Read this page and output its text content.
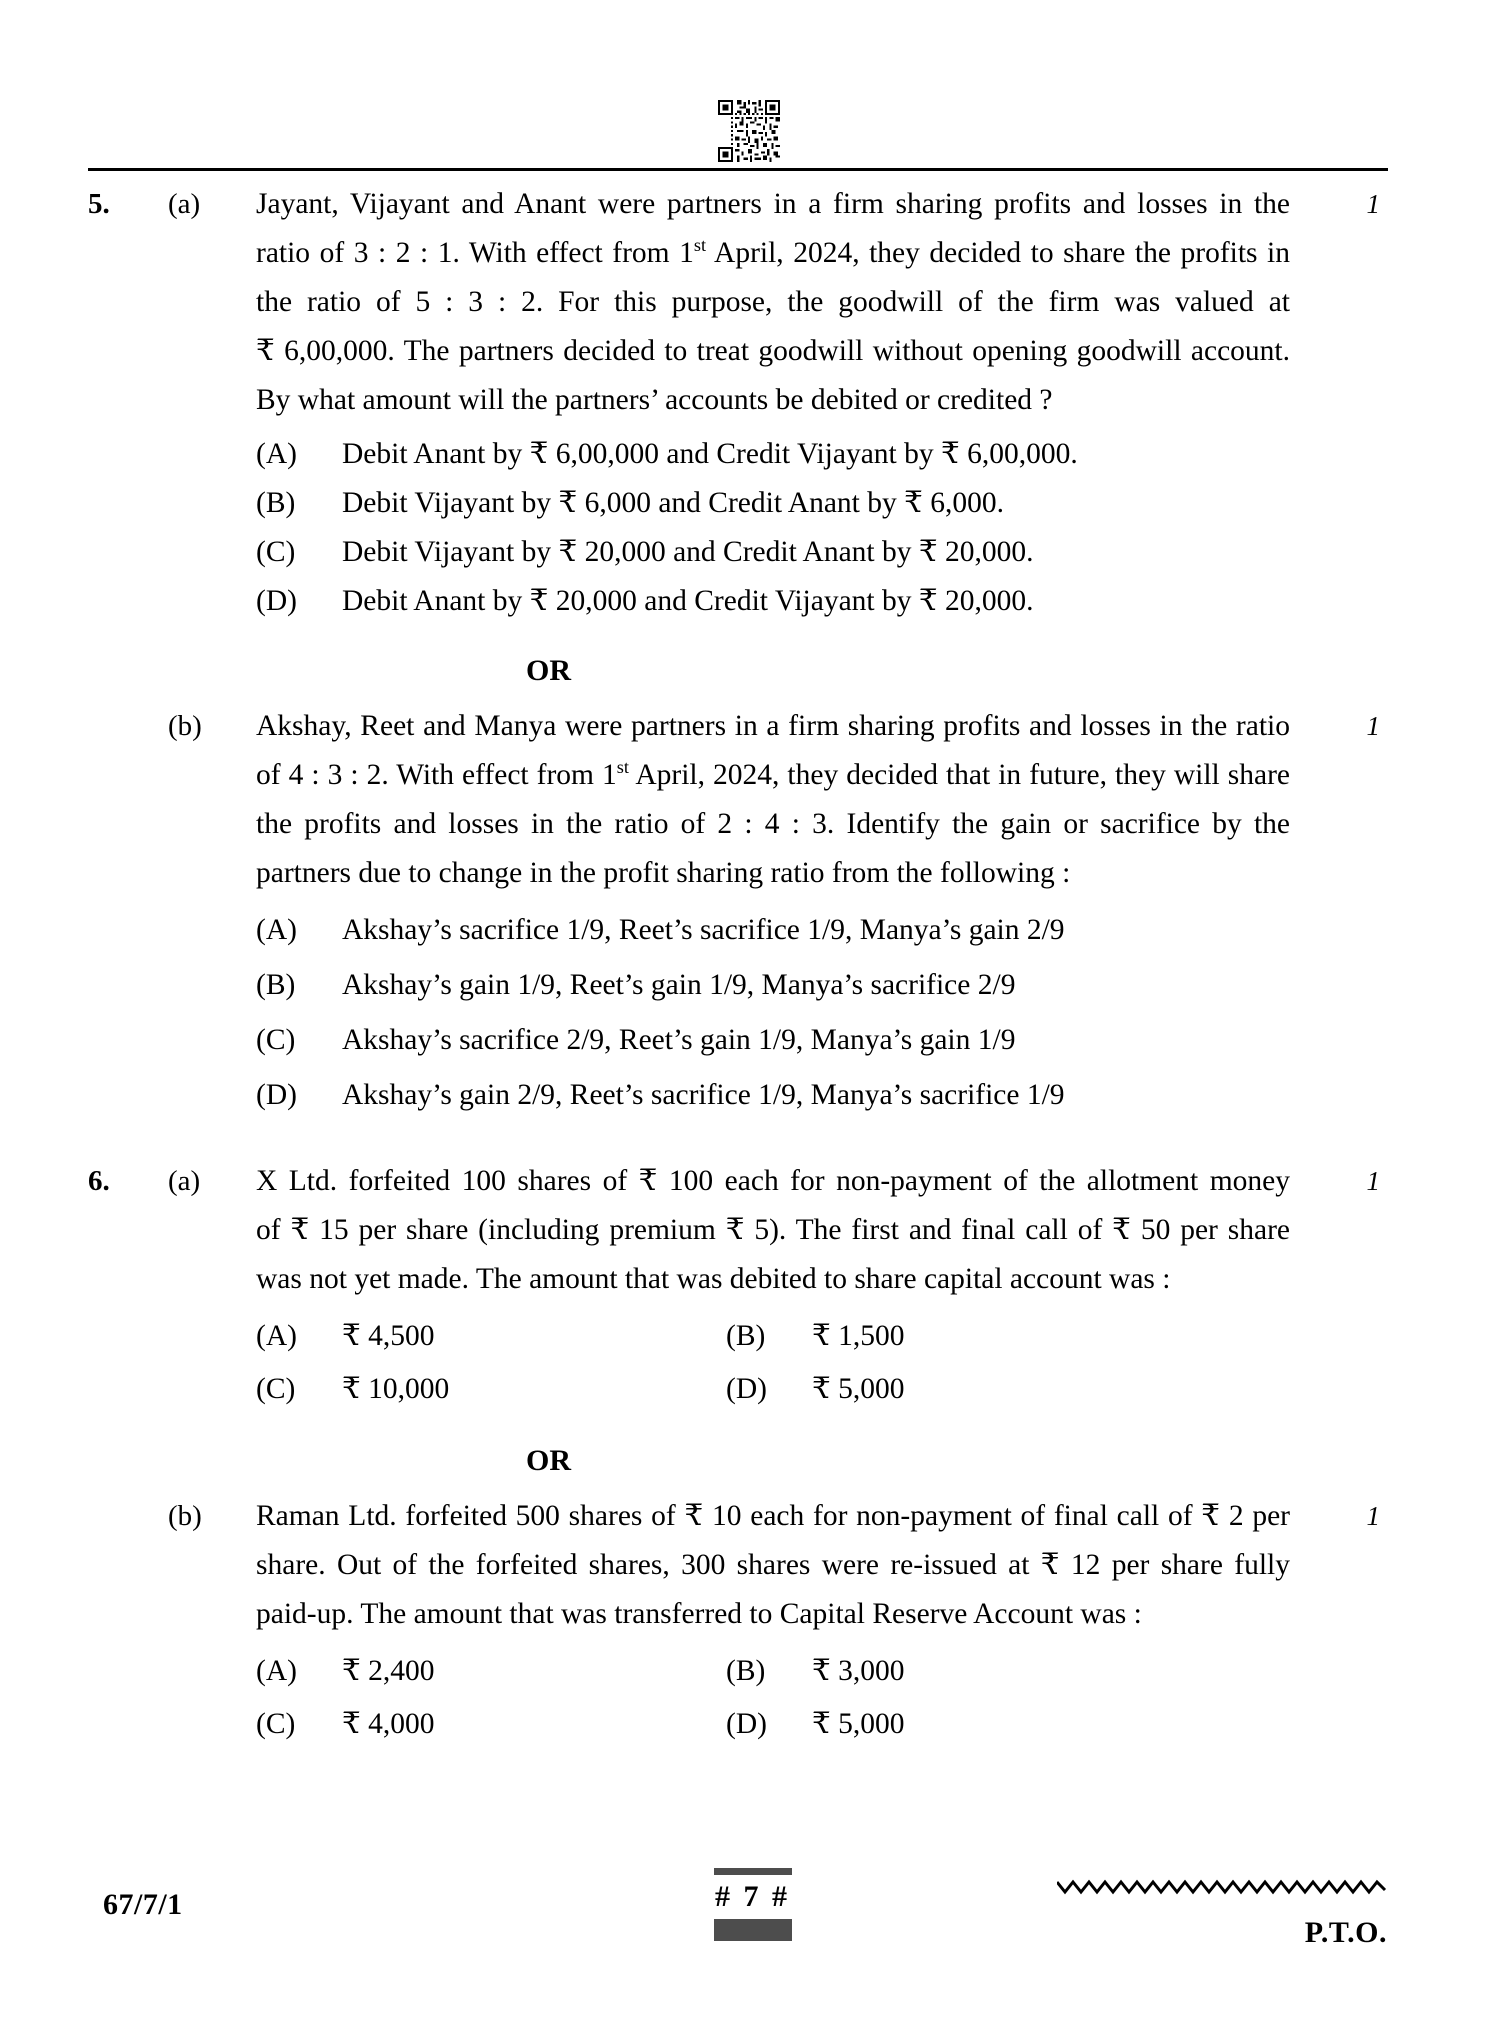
5.	(a)	Jayant, Vijayant and Anant were partners in a firm sharing profits and losses in the ratio of 3 : 2 : 1. With effect from 1st April, 2024, they decided to share the profits in the ratio of 5 : 3 : 2. For this purpose, the goodwill of the firm was valued at ₹ 6,00,000. The partners decided to treat goodwill without opening goodwill account. By what amount will the partners’ accounts be debited or credited ?

1
(A)	Debit Anant by ₹ 6,00,000 and Credit Vijayant by ₹ 6,00,000.
(B)	Debit Vijayant by ₹ 6,000 and Credit Anant by ₹ 6,000.
(C)	Debit Vijayant by ₹ 20,000 and Credit Anant by ₹ 20,000.
(D)	Debit Anant by ₹ 20,000 and Credit Vijayant by ₹ 20,000.
OR
(b)	Akshay, Reet and Manya were partners in a firm sharing profits and losses in the ratio of 4 : 3 : 2. With effect from 1st April, 2024, they decided that in future, they will share the profits and losses in the ratio of 2 : 4 : 3. Identify the gain or sacrifice by the partners due to change in the profit sharing ratio from the following :

1
(A)	Akshay’s sacrifice 1/9, Reet’s sacrifice 1/9, Manya’s gain 2/9
(B)	Akshay’s gain 1/9, Reet’s gain 1/9, Manya’s sacrifice 2/9
(C)	Akshay’s sacrifice 2/9, Reet’s gain 1/9, Manya’s gain 1/9
(D)	Akshay’s gain 2/9, Reet’s sacrifice 1/9, Manya’s sacrifice 1/9
6.	(a)	X Ltd. forfeited 100 shares of ₹ 100 each for non-payment of the allotment money of ₹ 15 per share (including premium ₹ 5). The first and final call of ₹ 50 per share was not yet made. The amount that was debited to share capital account was :

1
(A)	₹ 4,500	(B)	₹ 1,500
(C)	₹ 10,000	(D)	₹ 5,000
OR
(b)	Raman Ltd. forfeited 500 shares of ₹ 10 each for non-payment of final call of ₹ 2 per share. Out of the forfeited shares, 300 shares were re-issued at ₹ 12 per share fully paid-up. The amount that was transferred to Capital Reserve Account was :

1
(A)	₹ 2,400	(B)	₹ 3,000
(C)	₹ 4,000	(D)	₹ 5,000
67/7/1	# 7 #
P.T.O.
